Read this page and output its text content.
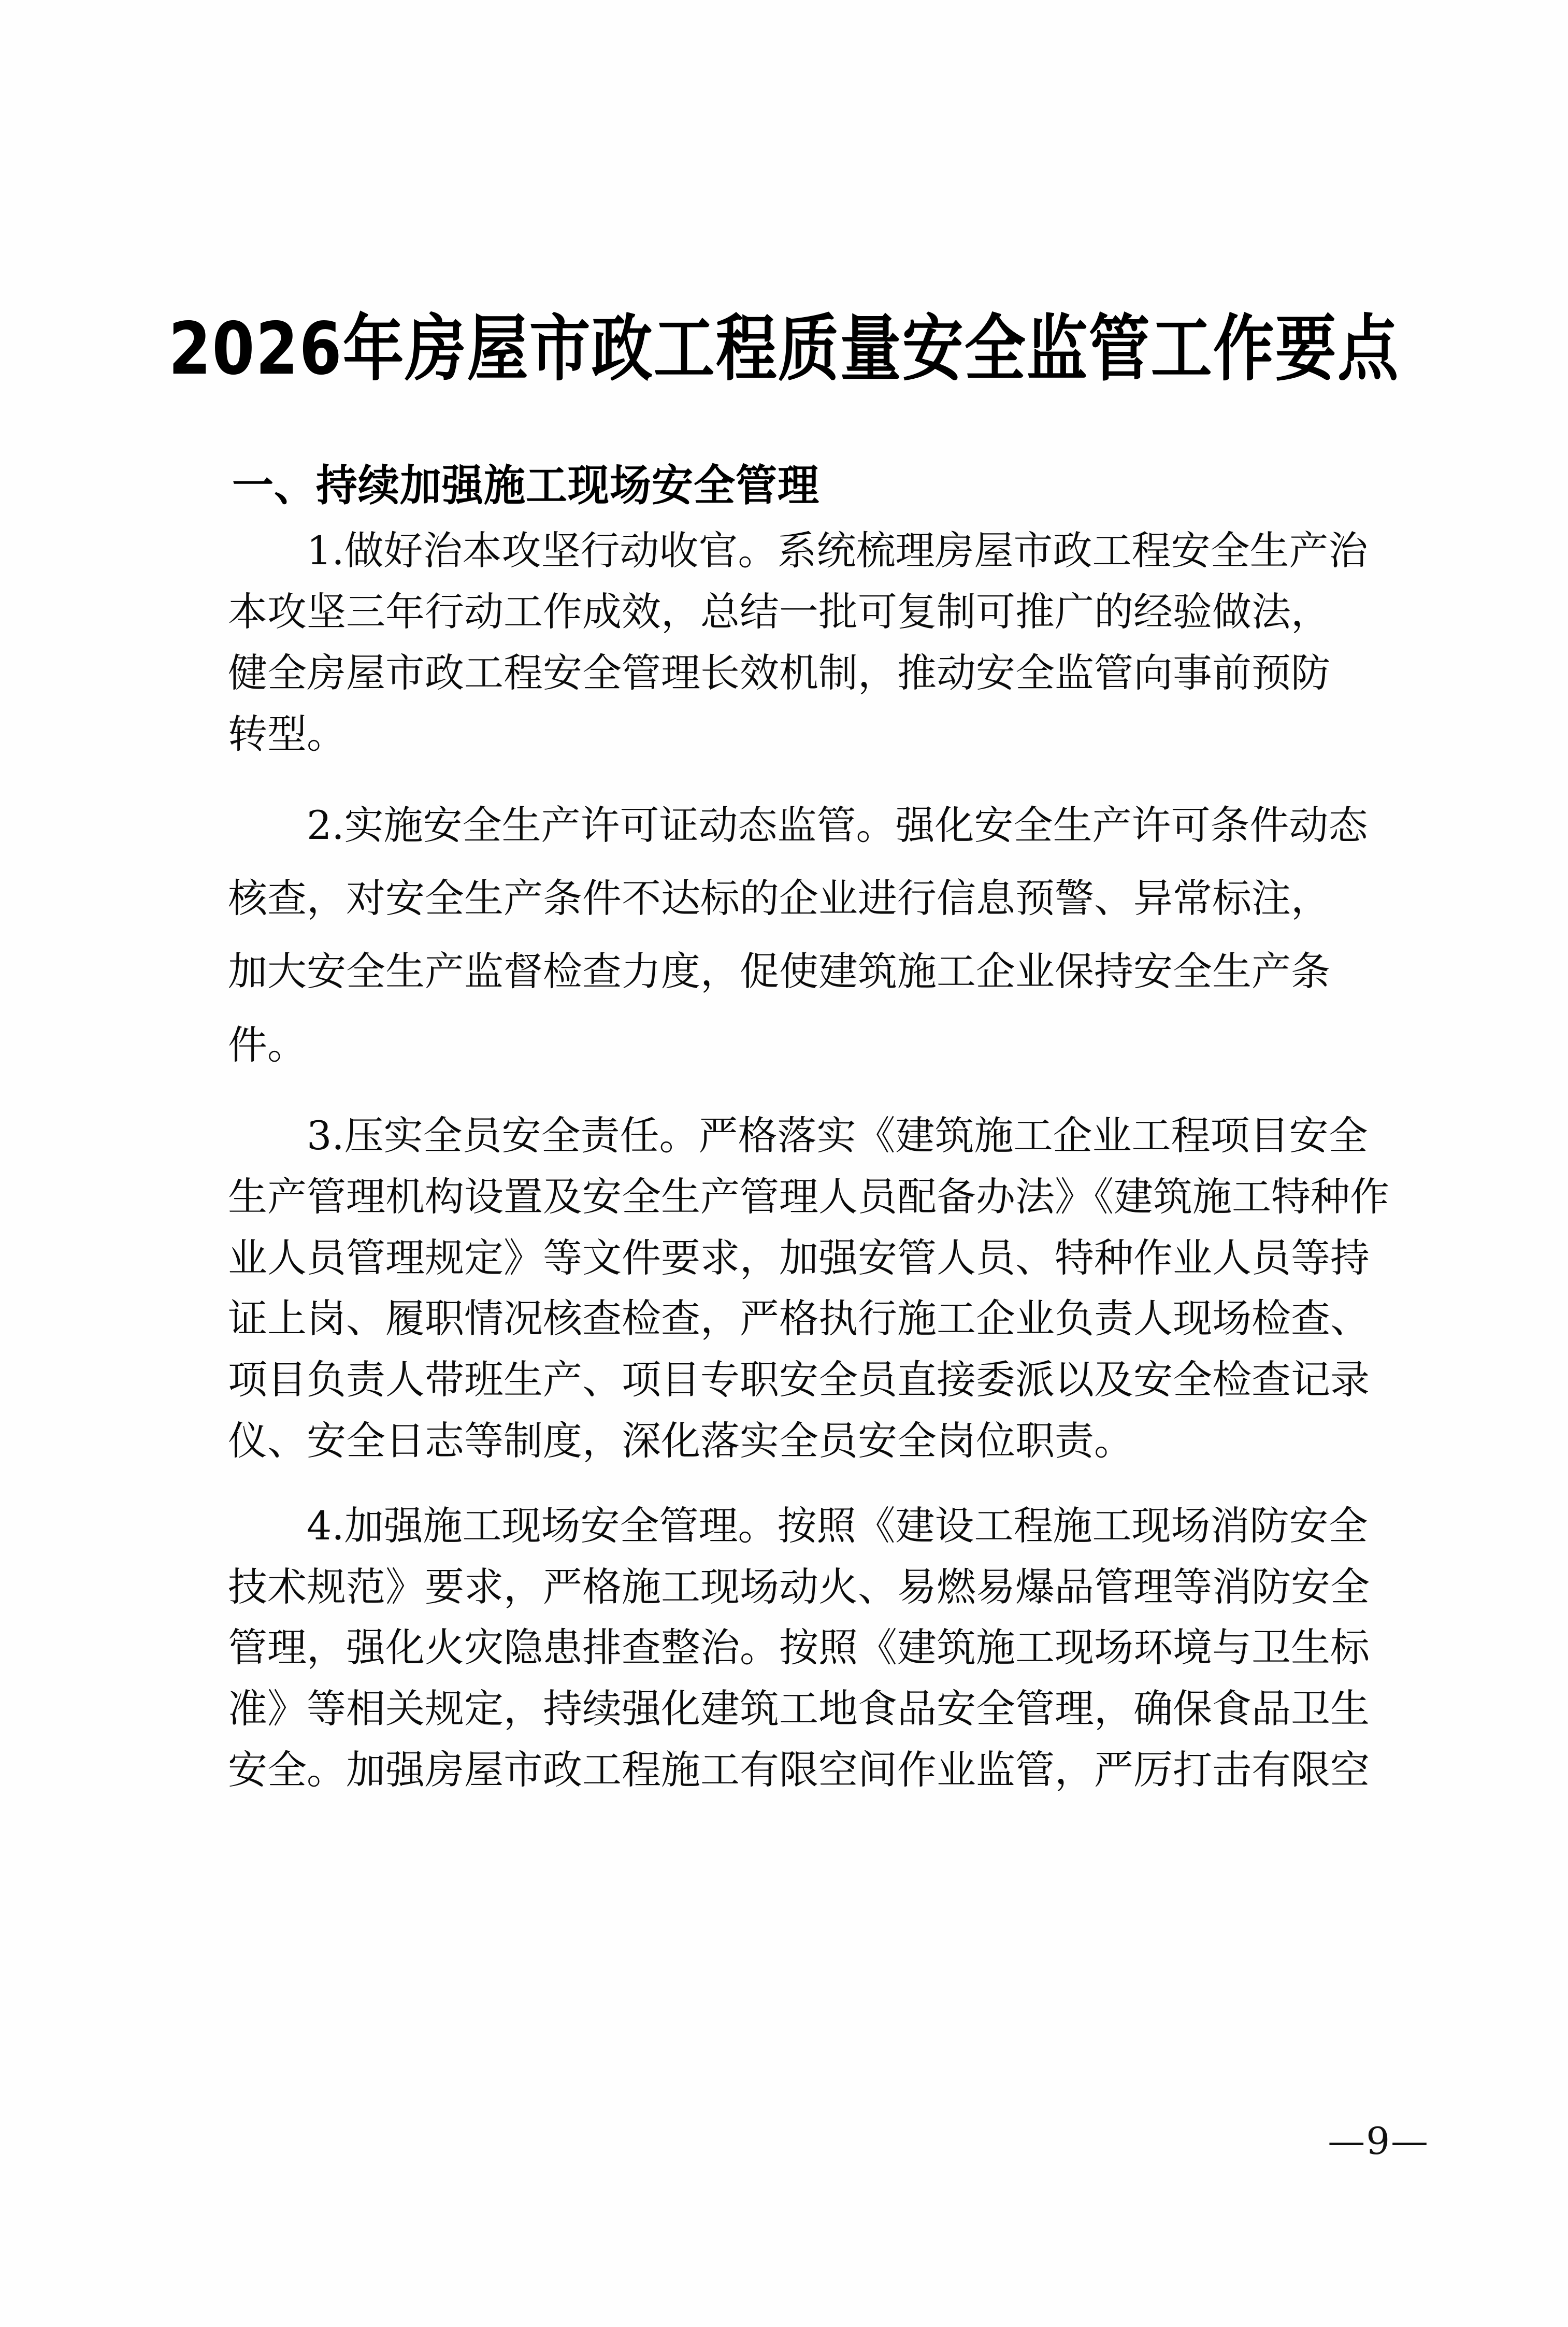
2026年房屋市政工程质量安全监管工作要点
一、持续加强施工现场安全管理

1.做好治本攻坚行动收官。系统梳理房屋市政工程安全生产治
本攻坚三年行动工作成效，总结一批可复制可推广的经验做法，
健全房屋市政工程安全管理长效机制，推动安全监管向事前预防
转型。

2.实施安全生产许可证动态监管。强化安全生产许可条件动态
核查，对安全生产条件不达标的企业进行信息预警、异常标注，
加大安全生产监督检查力度，促使建筑施工企业保持安全生产条
件。

3.压实全员安全责任。严格落实《建筑施工企业工程项目安全
生产管理机构设置及安全生产管理人员配备办法》《建筑施工特种作
业人员管理规定》等文件要求，加强安管人员、特种作业人员等持
证上岗、履职情况核查检查，严格执行施工企业负责人现场检查、
项目负责人带班生产、项目专职安全员直接委派以及安全检查记录
仪、安全日志等制度，深化落实全员安全岗位职责。

4.加强施工现场安全管理。按照《建设工程施工现场消防安全
技术规范》要求，严格施工现场动火、易燃易爆品管理等消防安全
管理，强化火灾隐患排查整治。按照《建筑施工现场环境与卫生标
准》等相关规定，持续强化建筑工地食品安全管理，确保食品卫生
安全。加强房屋市政工程施工有限空间作业监管，严厉打击有限空

—9—
